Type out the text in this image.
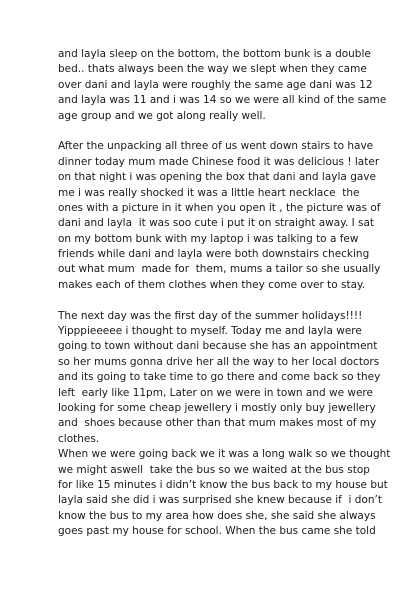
and layla sleep on the bottom, the bottom bunk is a double
bed.. thats always been the way we slept when they came
over dani and layla were roughly the same age dani was 12
and layla was 11 and i was 14 so we were all kind of the same
age group and we got along really well.
After the unpacking all three of us went down stairs to have
dinner today mum made Chinese food it was delicious ! later
on that night i was opening the box that dani and layla gave
me i was really shocked it was a little heart necklace  the
ones with a picture in it when you open it , the picture was of
dani and layla  it was soo cute i put it on straight away. I sat
on my bottom bunk with my laptop i was talking to a few
friends while dani and layla were both downstairs checking
out what mum  made for  them, mums a tailor so she usually
makes each of them clothes when they come over to stay.
The next day was the first day of the summer holidays!!!!
Yipppieeeee i thought to myself. Today me and layla were
going to town without dani because she has an appointment
so her mums gonna drive her all the way to her local doctors
and its going to take time to go there and come back so they
left  early like 11pm, Later on we were in town and we were
looking for some cheap jewellery i mostly only buy jewellery
and  shoes because other than that mum makes most of my
clothes.
When we were going back we it was a long walk so we thought
we might aswell  take the bus so we waited at the bus stop
for like 15 minutes i didn’t know the bus back to my house but
layla said she did i was surprised she knew because if  i don’t
know the bus to my area how does she, she said she always
goes past my house for school. When the bus came she told
